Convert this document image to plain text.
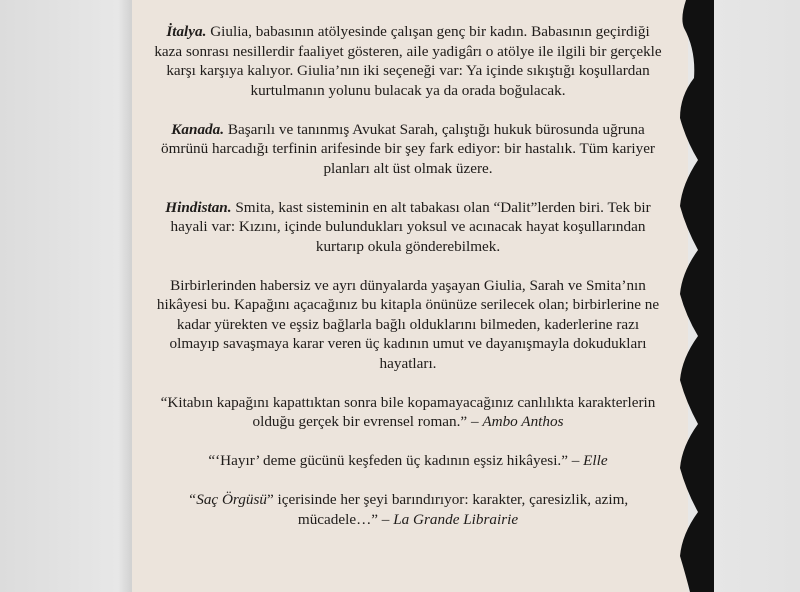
İtalya. Giulia, babasının atölyesinde çalışan genç bir kadın. Babasının geçirdiği kaza sonrası nesillerdir faaliyet gösteren, aile yadigârı o atölye ile ilgili bir gerçekle karşı karşıya kalıyor. Giulia’nın iki seçeneği var: Ya içinde sıkıştığı koşullardan kurtulmanın yolunu bulacak ya da orada boğulacak.

Kanada. Başarılı ve tanınmış Avukat Sarah, çalıştığı hukuk bürosunda uğruna ömrünü harcadığı terfinin arifesinde bir şey fark ediyor: bir hastalık. Tüm kariyer planları alt üst olmak üzere.

Hindistan. Smita, kast sisteminin en alt tabakası olan “Dalit”lerden biri. Tek bir hayali var: Kızını, içinde bulundukları yoksul ve acınacak hayat koşullarından kurtarıp okula gönderebilmek.

Birbirlerinden habersiz ve ayrı dünyalarda yaşayan Giulia, Sarah ve Smita’nın hikâyesi bu. Kapağını açacağınız bu kitapla önünüze serilecek olan; birbirlerine ne kadar yürekten ve eşsiz bağlarla bağlı olduklarını bilmeden, kaderlerine razı olmayıp savaşmaya karar veren üç kadının umut ve dayanışmayla dokudukları hayatları.

“Kitabın kapağını kapattıktan sonra bile kopamayacağınız canlılıkta karakterlerin olduğu gerçek bir evrensel roman.” – Ambo Anthos

“‘Hayır’ deme gücünü keşfeden üç kadının eşsiz hikâyesi.” – Elle

“Saç Örgüsü” içerisinde her şeyi barındırıyor: karakter, çaresizlik, azim, mücadele…” – La Grande Librairie
